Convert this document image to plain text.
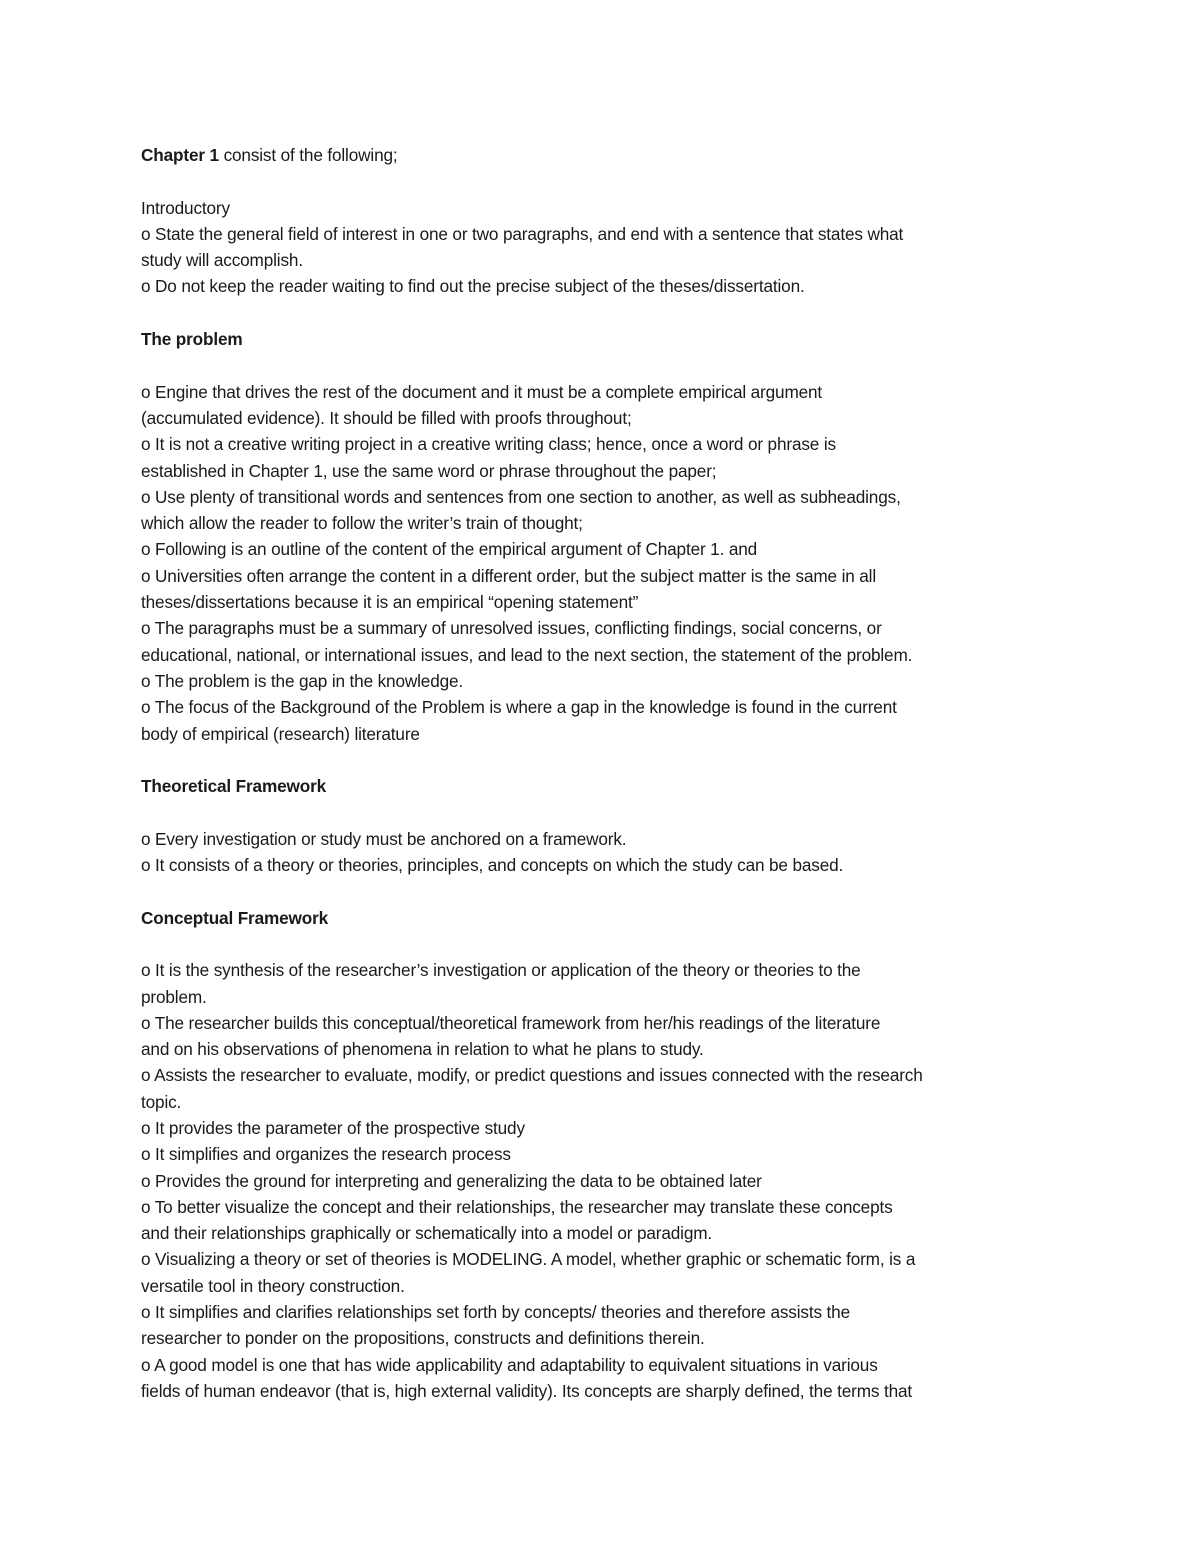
Chapter 1 consist of the following;
Introductory
o State the general field of interest in one or two paragraphs, and end with a sentence that states what
study will accomplish.
o Do not keep the reader waiting to find out the precise subject of the theses/dissertation.
The problem
o Engine that drives the rest of the document and it must be a complete empirical argument
(accumulated evidence). It should be filled with proofs throughout;
o It is not a creative writing project in a creative writing class; hence, once a word or phrase is
established in Chapter 1, use the same word or phrase throughout the paper;
o Use plenty of transitional words and sentences from one section to another, as well as subheadings,
which allow the reader to follow the writer’s train of thought;
o Following is an outline of the content of the empirical argument of Chapter 1. and
o Universities often arrange the content in a different order, but the subject matter is the same in all
theses/dissertations because it is an empirical “opening statement”
o The paragraphs must be a summary of unresolved issues, conflicting findings, social concerns, or
educational, national, or international issues, and lead to the next section, the statement of the problem.
o The problem is the gap in the knowledge.
o The focus of the Background of the Problem is where a gap in the knowledge is found in the current
body of empirical (research) literature
Theoretical Framework
o Every investigation or study must be anchored on a framework.
o It consists of a theory or theories, principles, and concepts on which the study can be based.
Conceptual Framework
o It is the synthesis of the researcher’s investigation or application of the theory or theories to the
problem.
o The researcher builds this conceptual/theoretical framework from her/his readings of the literature
and on his observations of phenomena in relation to what he plans to study.
o Assists the researcher to evaluate, modify, or predict questions and issues connected with the research
topic.
o It provides the parameter of the prospective study
o It simplifies and organizes the research process
o Provides the ground for interpreting and generalizing the data to be obtained later
o To better visualize the concept and their relationships, the researcher may translate these concepts
and their relationships graphically or schematically into a model or paradigm.
o Visualizing a theory or set of theories is MODELING. A model, whether graphic or schematic form, is a
versatile tool in theory construction.
o It simplifies and clarifies relationships set forth by concepts/ theories and therefore assists the
researcher to ponder on the propositions, constructs and definitions therein.
o A good model is one that has wide applicability and adaptability to equivalent situations in various
fields of human endeavor (that is, high external validity). Its concepts are sharply defined, the terms that
